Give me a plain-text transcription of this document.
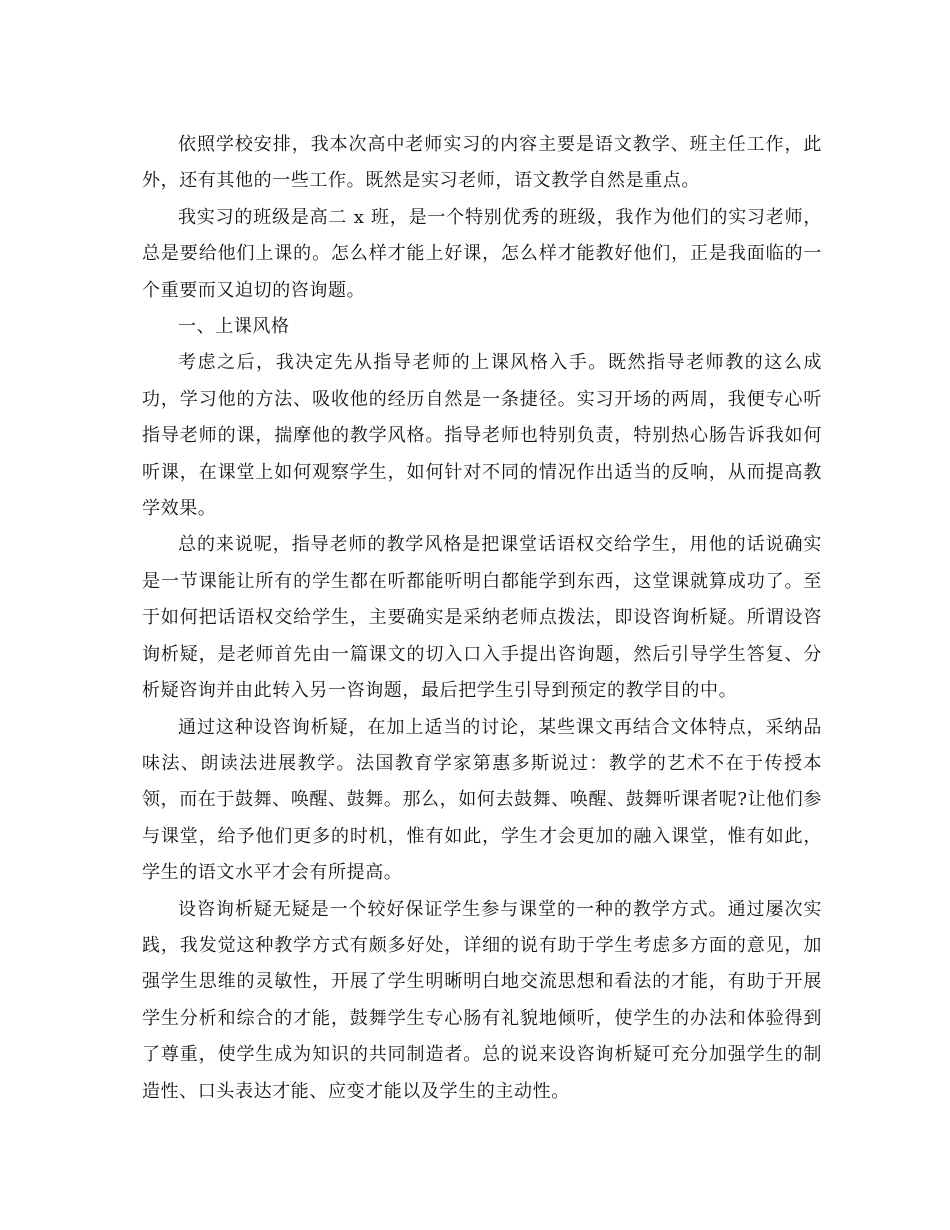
依照学校安排，我本次高中老师实习的内容主要是语文教学、班主任工作，此外，还有其他的一些工作。既然是实习老师，语文教学自然是重点。

我实习的班级是高二 x 班，是一个特别优秀的班级，我作为他们的实习老师，总是要给他们上课的。怎么样才能上好课，怎么样才能教好他们，正是我面临的一个重要而又迫切的咨询题。

一、上课风格

考虑之后，我决定先从指导老师的上课风格入手。既然指导老师教的这么成功，学习他的方法、吸收他的经历自然是一条捷径。实习开场的两周，我便专心听指导老师的课，揣摩他的教学风格。指导老师也特别负责，特别热心肠告诉我如何听课，在课堂上如何观察学生，如何针对不同的情况作出适当的反响，从而提高教学效果。

总的来说呢，指导老师的教学风格是把课堂话语权交给学生，用他的话说确实是一节课能让所有的学生都在听都能听明白都能学到东西，这堂课就算成功了。至于如何把话语权交给学生，主要确实是采纳老师点拨法，即设咨询析疑。所谓设咨询析疑，是老师首先由一篇课文的切入口入手提出咨询题，然后引导学生答复、分析疑咨询并由此转入另一咨询题，最后把学生引导到预定的教学目的中。

通过这种设咨询析疑，在加上适当的讨论，某些课文再结合文体特点，采纳品味法、朗读法进展教学。法国教育学家第惠多斯说过：教学的艺术不在于传授本领，而在于鼓舞、唤醒、鼓舞。那么，如何去鼓舞、唤醒、鼓舞听课者呢?让他们参与课堂，给予他们更多的时机，惟有如此，学生才会更加的融入课堂，惟有如此，学生的语文水平才会有所提高。

设咨询析疑无疑是一个较好保证学生参与课堂的一种的教学方式。通过屡次实践，我发觉这种教学方式有颇多好处，详细的说有助于学生考虑多方面的意见，加强学生思维的灵敏性，开展了学生明晰明白地交流思想和看法的才能，有助于开展学生分析和综合的才能，鼓舞学生专心肠有礼貌地倾听，使学生的办法和体验得到了尊重，使学生成为知识的共同制造者。总的说来设咨询析疑可充分加强学生的制造性、口头表达才能、应变才能以及学生的主动性。
